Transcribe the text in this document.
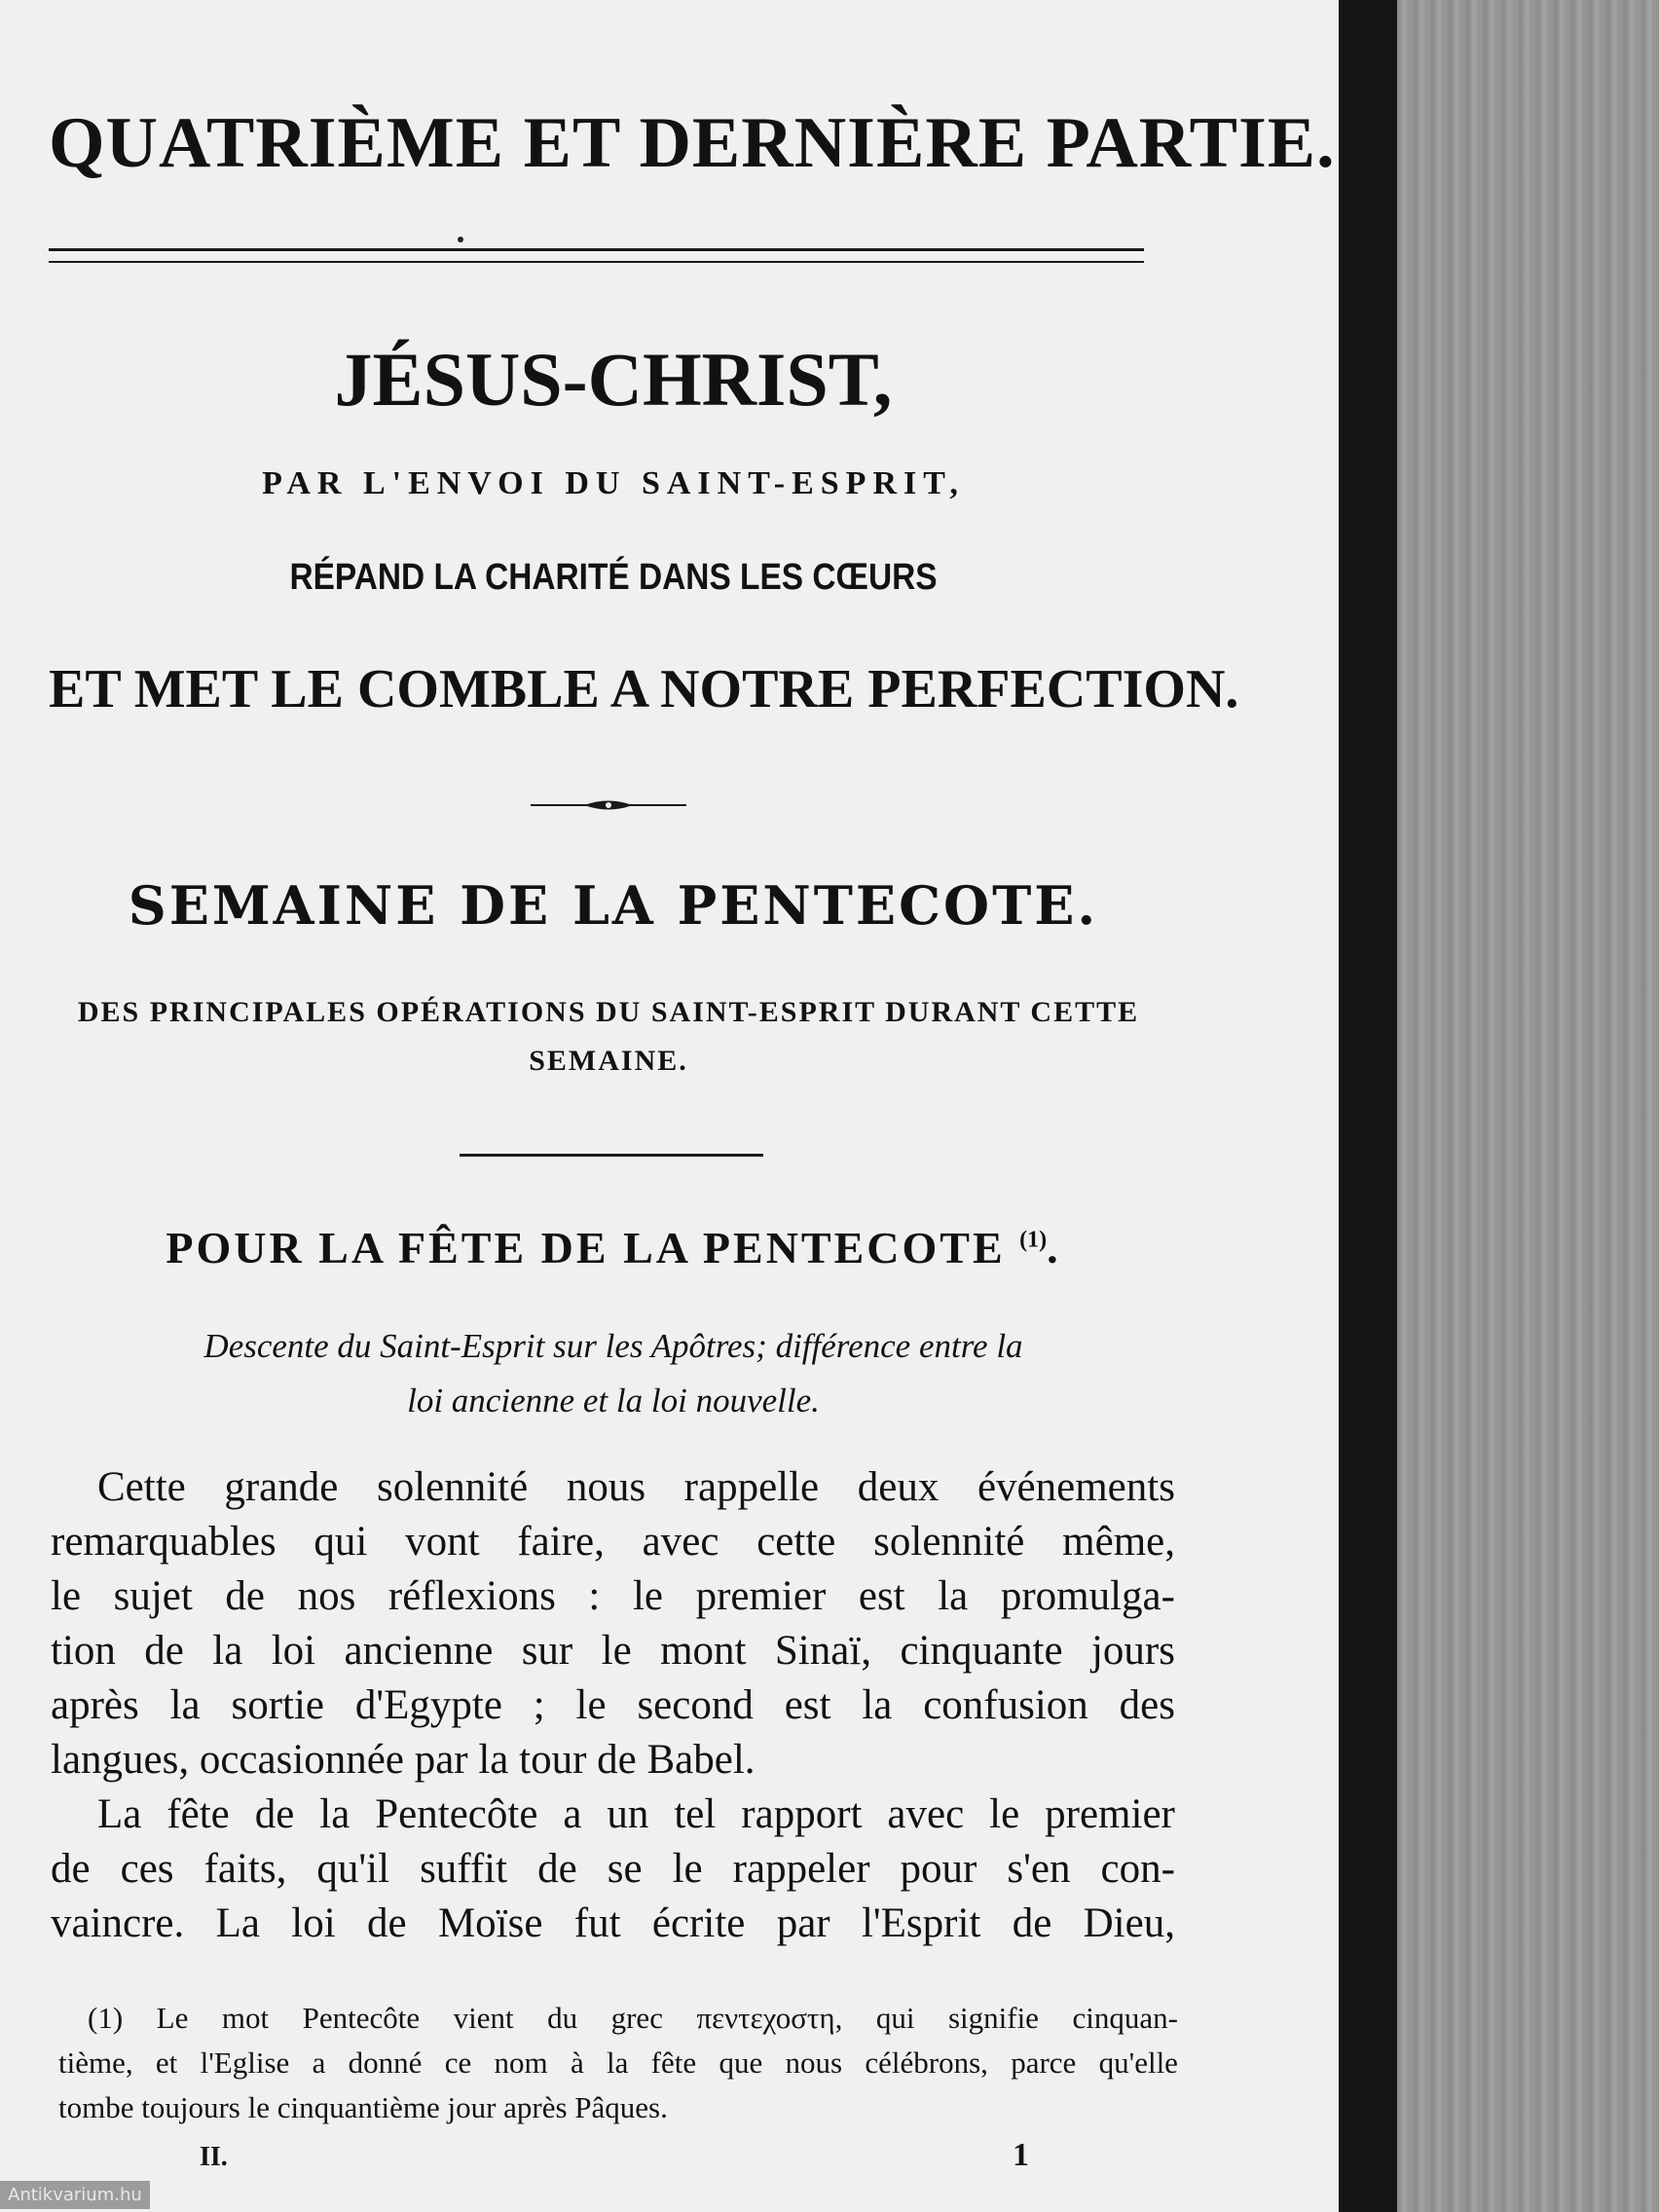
QUATRIÈME ET DERNIÈRE PARTIE.
JÉSUS-CHRIST,
PAR L'ENVOI DU SAINT-ESPRIT,
RÉPAND LA CHARITÉ DANS LES CŒURS
ET MET LE COMBLE A NOTRE PERFECTION.
SEMAINE DE LA PENTECOTE.
DES PRINCIPALES OPÉRATIONS DU SAINT-ESPRIT DURANT CETTE
SEMAINE.
POUR LA FÊTE DE LA PENTECOTE $^{(1)}$.
Descente du Saint-Esprit sur les Apôtres; différence entre la
loi ancienne et la loi nouvelle.
Cette grande solennité nous rappelle deux événements
remarquables qui vont faire, avec cette solennité même,
le sujet de nos réflexions : le premier est la promulga-
tion de la loi ancienne sur le mont Sinaï, cinquante jours
après la sortie d'Egypte ; le second est la confusion des
langues, occasionnée par la tour de Babel.
La fête de la Pentecôte a un tel rapport avec le premier
de ces faits, qu'il suffit de se le rappeler pour s'en con-
vaincre. La loi de Moïse fut écrite par l'Esprit de Dieu,
(1) Le mot Pentecôte vient du grec πεντεχοστη, qui signifie cinquan-
tième, et l'Eglise a donné ce nom à la fête que nous célébrons, parce qu'elle
tombe toujours le cinquantième jour après Pâques.
II.	1
Antikvarium.hu
